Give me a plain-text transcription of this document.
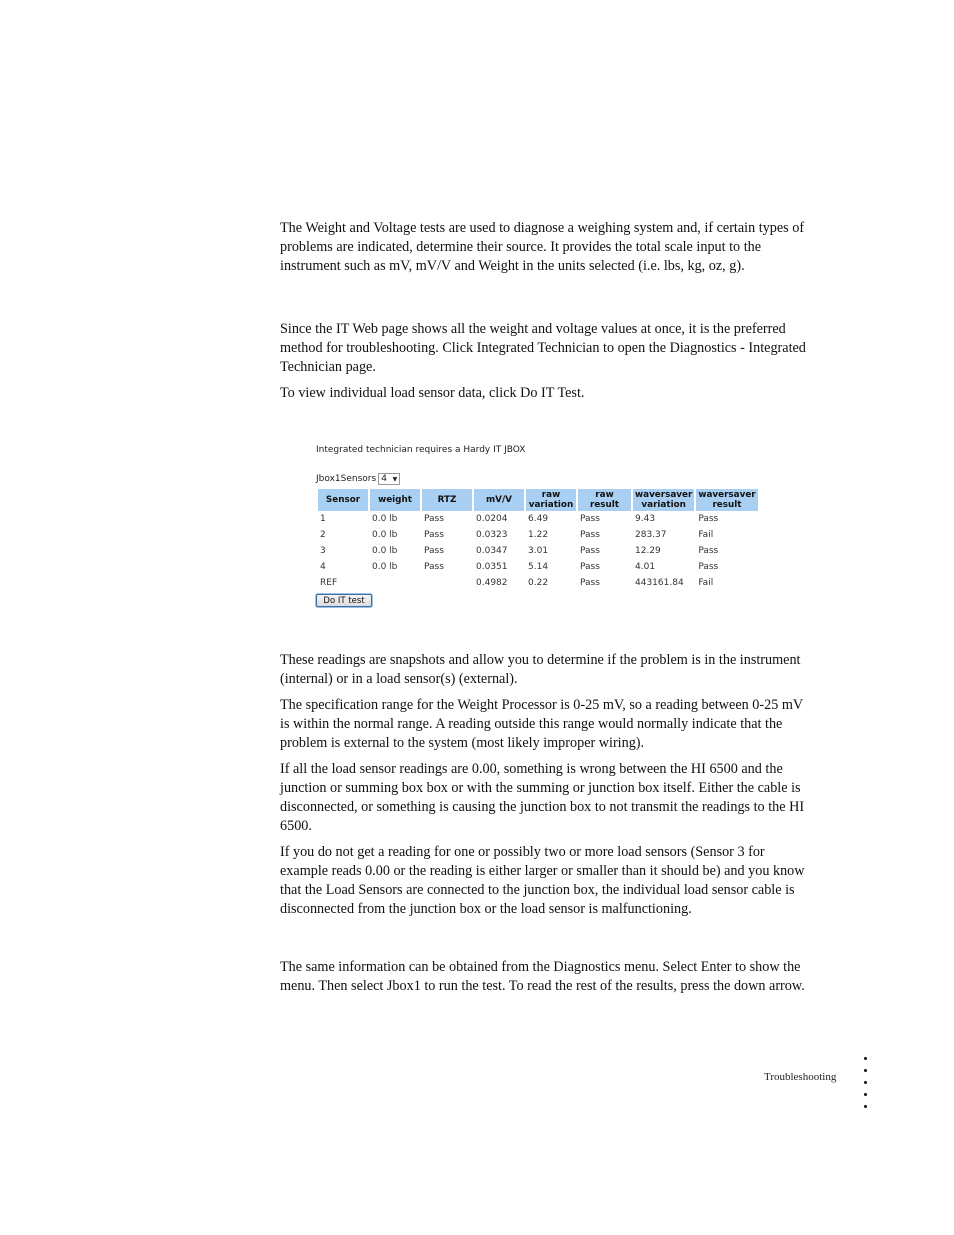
The Weight and Voltage tests are used to diagnose a weighing system and, if certain types of problems are indicated, determine their source. It provides the total scale input to the instrument such as mV, mV/V and Weight in the units selected (i.e. lbs, kg, oz, g).

Since the IT Web page shows all the weight and voltage values at once, it is the preferred method for troubleshooting. Click Integrated Technician to open the Diagnostics - Integrated Technician page.

To view individual load sensor data, click Do IT Test.

Integrated technician requires a Hardy IT JBOX
Jbox1Sensors 4 ▼
Sensor	weight	RTZ	mV/V	raw variation	raw result	waversaver variation	waversaver result
1	0.0 lb	Pass	0.0204	6.49	Pass	9.43	Pass
2	0.0 lb	Pass	0.0323	1.22	Pass	283.37	Fail
3	0.0 lb	Pass	0.0347	3.01	Pass	12.29	Pass
4	0.0 lb	Pass	0.0351	5.14	Pass	4.01	Pass
REF			0.4982	0.22	Pass	443161.84	Fail
Do IT test

These readings are snapshots and allow you to determine if the problem is in the instrument (internal) or in a load sensor(s) (external).

The specification range for the Weight Processor is 0-25 mV, so a reading between 0-25 mV is within the normal range. A reading outside this range would normally indicate that the problem is external to the system (most likely improper wiring).

If all the load sensor readings are 0.00, something is wrong between the HI 6500 and the junction or summing box box or with the summing or junction box itself. Either the cable is disconnected, or something is causing the junction box to not transmit the readings to the HI 6500.

If you do not get a reading for one or possibly two or more load sensors (Sensor 3 for example reads 0.00 or the reading is either larger or smaller than it should be) and you know that the Load Sensors are connected to the junction box, the individual load sensor cable is disconnected from the junction box or the load sensor is malfunctioning.

The same information can be obtained from the Diagnostics menu. Select Enter to show the menu. Then select Jbox1 to run the test. To read the rest of the results, press the down arrow.

Troubleshooting
